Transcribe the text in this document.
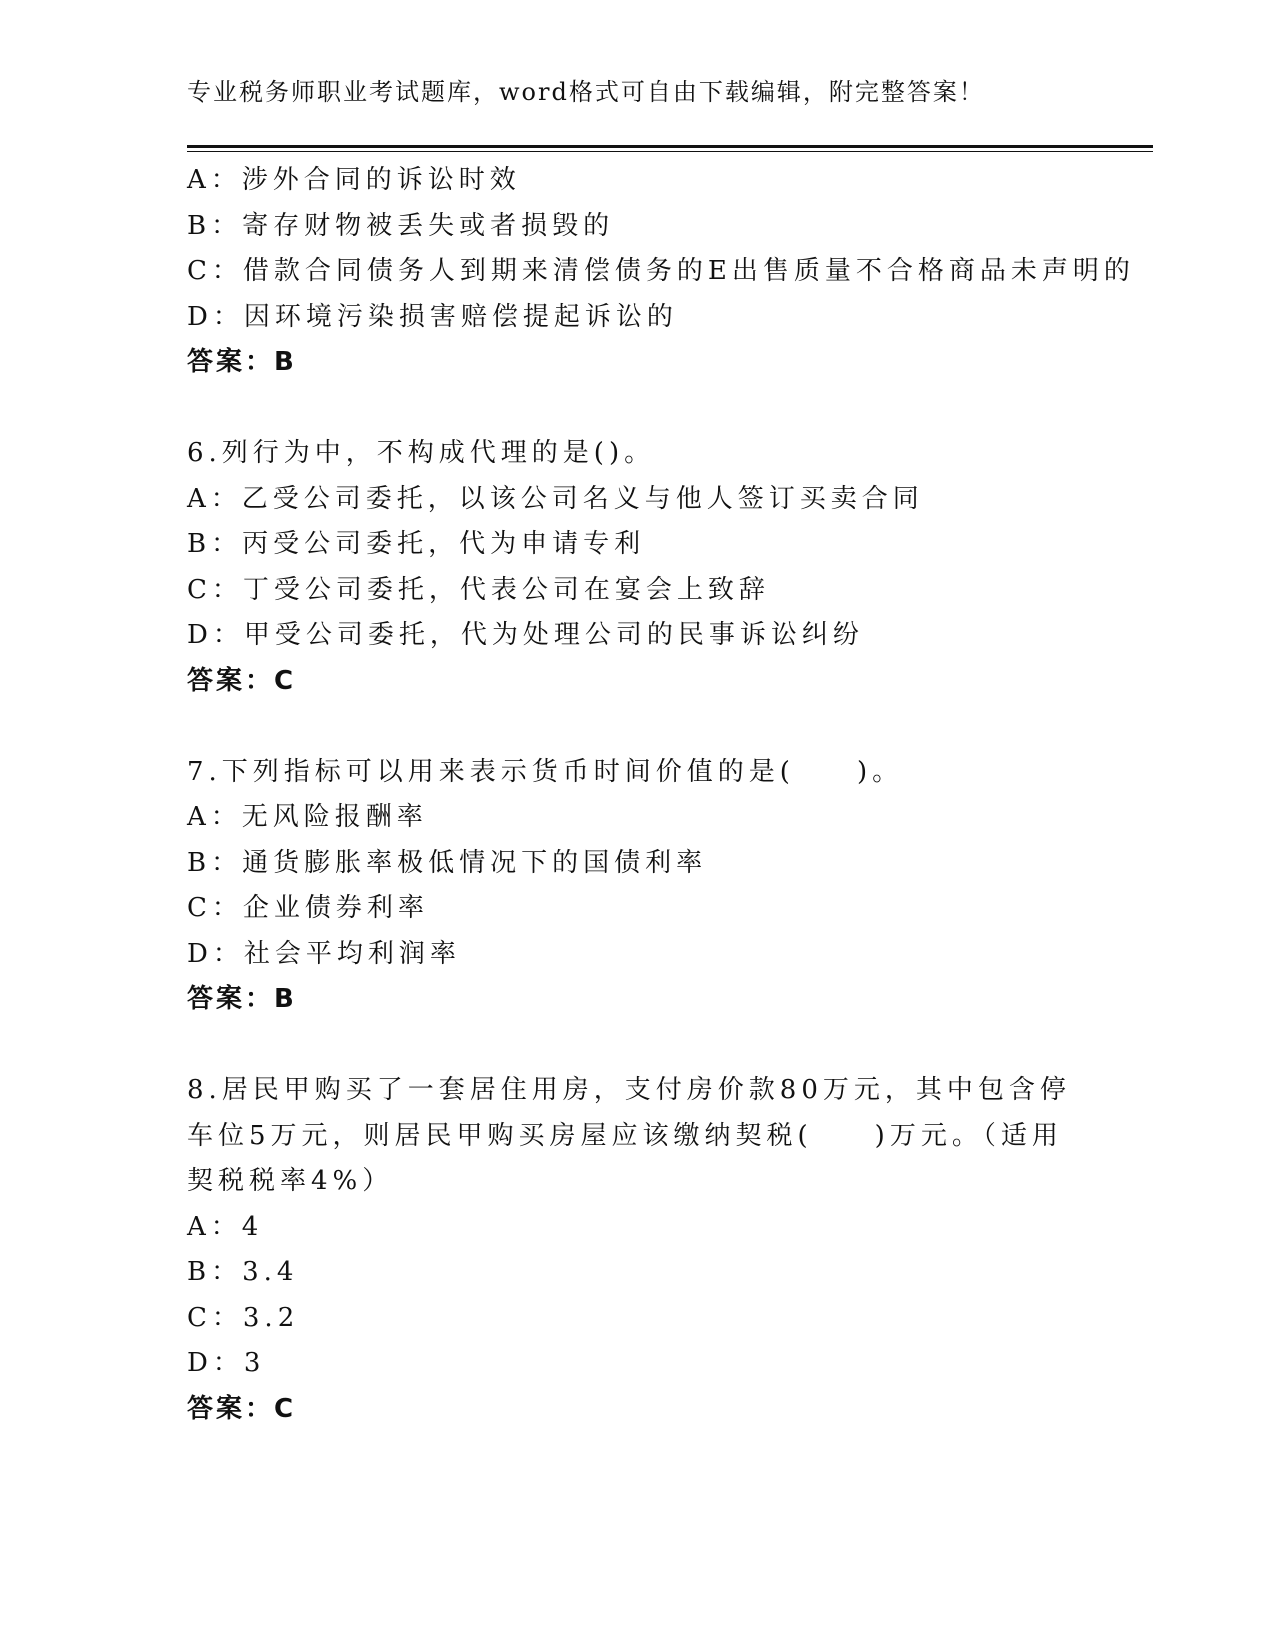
专业税务师职业考试题库，word格式可自由下载编辑，附完整答案！
A：涉外合同的诉讼时效
B：寄存财物被丢失或者损毁的
C：借款合同债务人到期来清偿债务的E出售质量不合格商品未声明的
D：因环境污染损害赔偿提起诉讼的
答案：B
6.列行为中，不构成代理的是()。
A：乙受公司委托，以该公司名义与他人签订买卖合同
B：丙受公司委托，代为申请专利
C：丁受公司委托，代表公司在宴会上致辞
D：甲受公司委托，代为处理公司的民事诉讼纠纷
答案：C
7.下列指标可以用来表示货币时间价值的是(　　)。
A：无风险报酬率
B：通货膨胀率极低情况下的国债利率
C：企业债券利率
D：社会平均利润率
答案：B
8.居民甲购买了一套居住用房，支付房价款80万元，其中包含停车位5万元，则居民甲购买房屋应该缴纳契税(　　)万元。（适用契税税率4%）
A：4
B：3.4
C：3.2
D：3
答案：C
